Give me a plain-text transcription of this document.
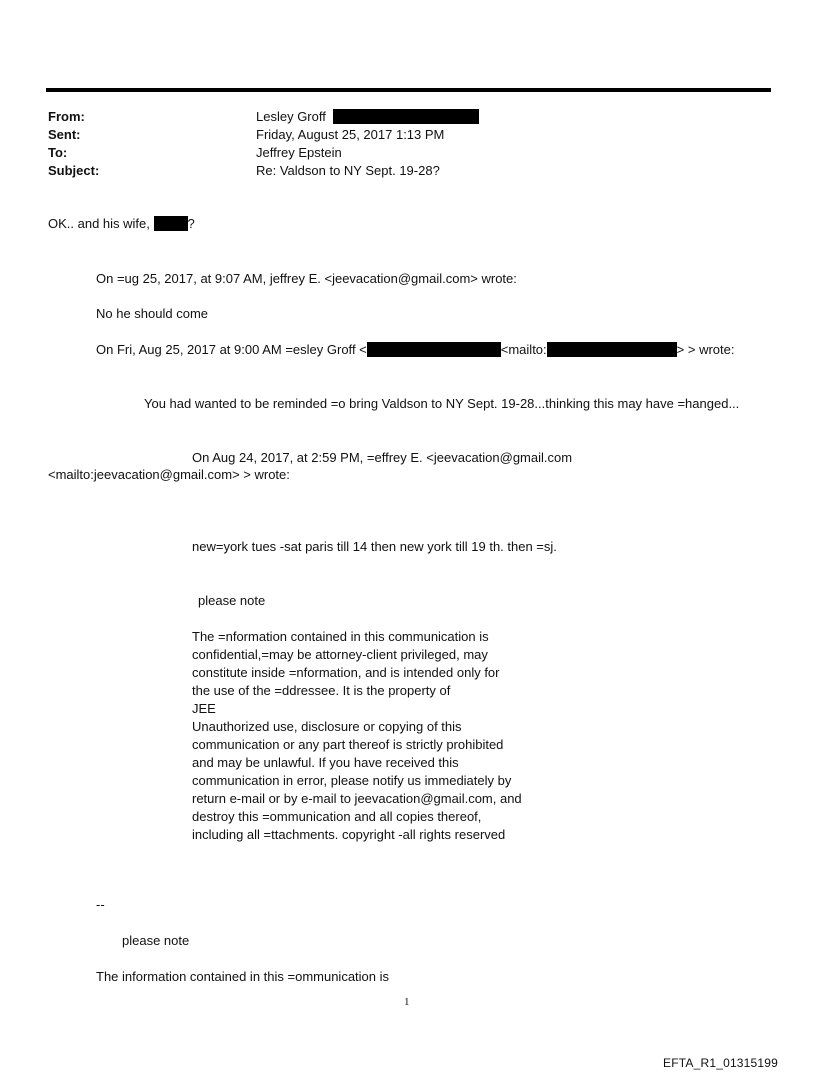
From:	Lesley Groff
Sent:	Friday, August 25, 2017 1:13 PM
To:	Jeffrey Epstein
Subject:	Re: Valdson to NY Sept. 19-28?
OK.. and his wife,	?
On =ug 25, 2017, at 9:07 AM, jeffrey E. <jeevacation@gmail.com> wrote:
No he should come
On Fri, Aug 25, 2017 at 9:00 AM =esley Groff <	<mailto:	> > wrote:
You had wanted to be reminded =o bring Valdson to NY Sept. 19-28...thinking this may have =hanged...
On Aug 24, 2017, at 2:59 PM, =effrey E. <jeevacation@gmail.com
<mailto:jeevacation@gmail.com> > wrote:
new=york tues -sat paris till 14 then new york till 19 th. then =sj.
please note
The =nformation contained in this communication is
confidential,=may be attorney-client privileged, may
constitute inside =nformation, and is intended only for
the use of the =ddressee. It is the property of
JEE
Unauthorized use, disclosure or copying of this
communication or any part thereof is strictly prohibited
and may be unlawful. If you have received this
communication in error, please notify us immediately by
return e-mail or by e-mail to jeevacation@gmail.com, and
destroy this =ommunication and all copies thereof,
including all =ttachments. copyright -all rights reserved
--
please note
The information contained in this =ommunication is
1
EFTA_R1_01315199
